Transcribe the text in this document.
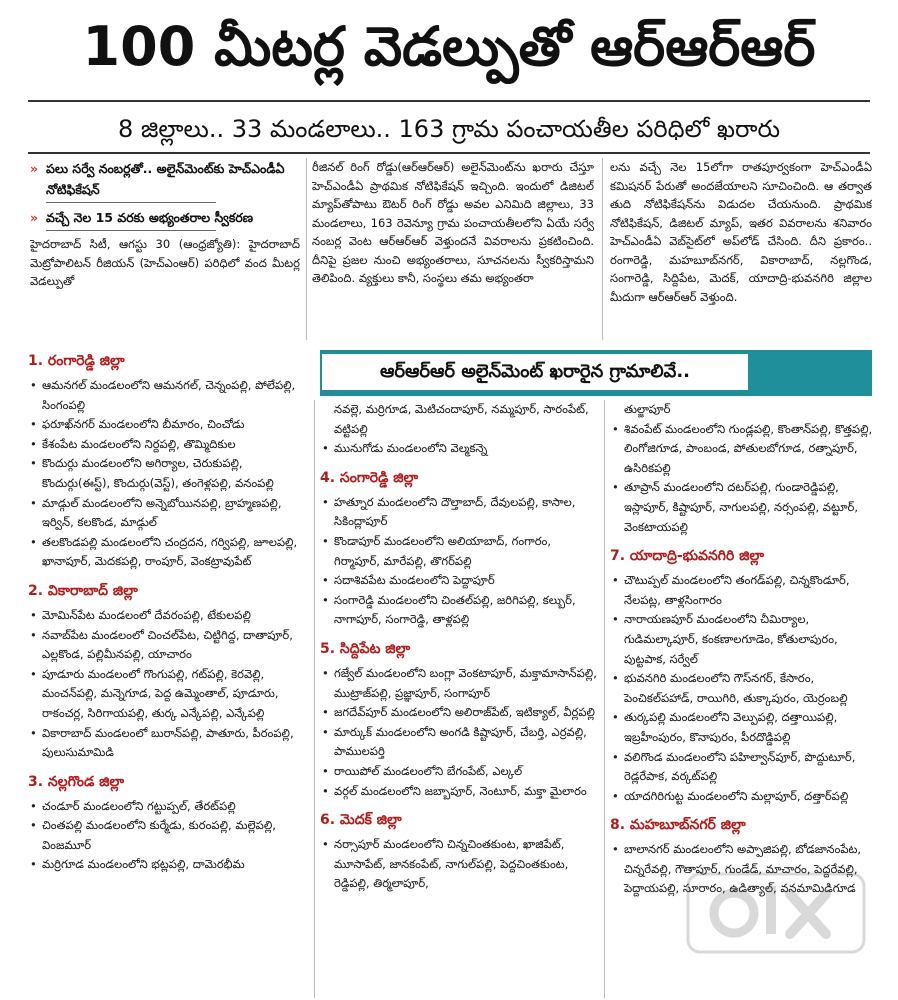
100 మీటర్ల వెడల్పుతో ఆర్‌ఆర్‌ఆర్
8 జిల్లాలు.. 33 మండలాలు.. 163 గ్రామ పంచాయతీల పరిధిలో ఖరారు
» పలు సర్వే నంబర్లతో.. అలైన్‌మెంట్‌కు హెచ్‌ఎండీఏ నోటిఫికేషన్
» వచ్చే నెల 15 వరకు అభ్యంతరాల స్వీకరణ

హైదరాబాద్ సిటీ, ఆగస్టు 30 (ఆంధ్రజ్యోతి): హైదరాబాద్ మెట్రోపాలిటన్ రీజియన్ (హెచ్‌ఎంఆర్) పరిధిలో వంద మీటర్ల వెడల్పుతో

రీజినల్ రింగ్ రోడ్డు(ఆర్‌ఆర్‌ఆర్) అలైన్‌మెంట్‌ను ఖరారు చేస్తూ హెచ్‌ఎండీఏ ప్రాథమిక నోటిఫికేషన్ ఇచ్చింది. ఇందులో డిజిటల్ మ్యాప్‌తోపాటు ఔటర్ రింగ్ రోడ్డు అవల ఎనిమిది జిల్లాలు, 33 మండలాలు, 163 రెవెన్యూ గ్రామ పంచాయతీలలోని ఏయే సర్వే నంబర్ల వెంట ఆర్‌ఆర్‌ఆర్ వెళ్తుందనే వివరాలను ప్రకటించింది. దీనిపై ప్రజల నుంచి అభ్యంతరాలు, సూచనలను స్వీకరిస్తామని తెలిపింది. వ్యక్తులు కానీ, సంస్థలు తమ అభ్యంతరా

లను వచ్చే నెల 15లోగా రాతపూర్వకంగా హెచ్‌ఎండీఏ కమిషనర్ పేరుతో అందజేయాలని సూచించింది. ఆ తర్వాత తుది నోటిఫికేషన్‌ను విడుదల చేయనుంది. ప్రాథమిక నోటిఫికేషన్, డిజిటల్ మ్యాప్, ఇతర వివరాలను శనివారం హెచ్‌ఎండీఏ వెబ్‌సైట్‌లో అప్‌లోడ్ చేసింది. దీని ప్రకారం.. రంగారెడ్డి, మహబూబ్‌నగర్, వికారాబాద్, నల్లగొండ, సంగారెడ్డి, సిద్దిపేట, మెదక్, యాదాద్రి-భువనగిరి జిల్లాల మీదుగా ఆర్‌ఆర్‌ఆర్ వెళ్తుంది.

ఆర్‌ఆర్‌ఆర్ అలైన్‌మెంట్ ఖరారైన గ్రామాలివే..
1. రంగారెడ్డి జిల్లా
• ఆమనగల్ మండలంలోని ఆమనగల్, చెన్నంపల్లి, పోలేపల్లి, సింగంపల్లి
• ఫరూఖ్‌నగర్ మండలంలోని బీమారం, చించోడు
• కేశంపేట మండలంలోని నిర్దపల్లి, తొమ్మిదికుల
• కొందుర్గు మండలంలోని అగిర్యాల, చెరుకుపల్లి, కొందుర్గు(ఈస్ట్), కొందుర్గు(వెస్ట్), తంగెళ్లపల్లి, వనంపల్లి
• మాడ్గుల్ మండలంలోని అన్నెబోయినపల్లి, బ్రాహ్మణపల్లి, ఇర్విన్, కలకొండ, మాడ్గుల్
• తలకొండపల్లి మండలంలోని చంద్రదన, గర్విపల్లి, జూలపల్లి, ఖానాపూర్, మెదకపల్లి, రాంపూర్, వెంకట్రావుపేట్
2. వికారాబాద్ జిల్లా
• మోమిన్‌పేట మండలంలో దేవరంపల్లి, టేకులపల్లి
• నవాబ్‌పేట మండలంలో చించల్‌పేట, చిట్టిగిద్ద, దాతాపూర్, ఎల్లకొండ, పల్లిమీనపల్లి, యాచారం
• పూడూరు మండలంలో గొంగుపల్లి, గట్‌పల్లి, కెరవెల్లి, మంచన్‌పల్లి, మన్నెగూడ, పెద్ద ఉమ్మెంతాల్, పూడూరు, రాకంచర్ల, సిరిగాయపల్లి, తుర్క ఎన్కేపల్లి, ఎన్కేపల్లి
• వికారాబాద్ మండలంలో బురాన్‌పల్లి, పాతూరు, పీరంపల్లి, పులుసుమామిడి
3. నల్లగొండ జిల్లా
• చండూర్ మండలంలోని గట్టుప్పల్, తేరట్‌పల్లి
• చింతపల్లి మండలంలోని కుర్మేడు, కురంపల్లి, మల్లెపల్లి, వింజమూర్
• మర్రిగూడ మండలంలోని భట్లపల్లి, దామెరభీమ
నవల్లె, మర్రిగూడ, మెటిచందాపూర్, నమ్మపూర్, సారంపేట్, వట్టిపల్లి
• మునుగోడు మండలంలోని వెల్మకన్నె
4. సంగారెడ్డి జిల్లా
• హత్నూర మండలంలోని దౌల్తాబాద్, దేవులపల్లి, కాసాల, సికింద్లాపూర్
• కొండాపూర్ మండలంలోని అలియాబాద్, గంగారం, గిర్మాపూర్, మారేపల్లి, తొగర్‌పల్లి
• సదాశివపేట మండలంలోని పెద్దాపూర్
• సంగారెడ్డి మండలంలోని చింతల్‌పల్లి, జరిగిపల్లి, కల్బుర్, నాగాపూర్, సంగారెడ్డి, తాళ్లపల్లి
5. సిద్దిపేట జిల్లా
• గజ్వేల్ మండలంలోని బంగ్లా వెంకటాపూర్, మక్తామాసాన్‌పల్లి, ముట్రాజ్‌పల్లి, ప్రజ్ఞాపూర్, సంగాపూర్
• జగదేవ్‌పూర్ మండలంలోని అలిరాజ్‌పేట్, ఇటిక్యాల్, వీర్లపల్లి
• మార్కుక్ మండలంలోని అంగడి కిష్టాపూర్, చేబర్తి, ఎర్రవల్లి, పాములపర్తి
• రాయిపోల్ మండలంలోని బేగంపేట్, ఎల్కల్
• వర్గల్ మండలంలోని జబ్బాపూర్, నెంటూర్, మక్తా మైలారం
6. మెదక్ జిల్లా
• నర్సాపూర్ మండలంలోని చిన్నచింతకుంట, ఖాజిపేట్, మూసాపేట్, జానకంపేట్, నాగుల్‌పల్లి, పెద్దచింతకుంట, రెడ్డిపల్లి, తిర్మలాపూర్,
తుల్జాపూర్
• శివంపేట్ మండలంలోని గుండ్లపల్లి, కొంతాన్‌పల్లి, కొత్తపల్లి, లింగోజిగూడ, పాంబండ, పోతులబోగూడ, రత్నాపూర్, ఉసిరికపల్లి
• తూప్రాన్ మండలంలోని దటర్‌పల్లి, గుండారెడ్డిపల్లి, ఇస్లాపూర్, కిష్టాపూర్, నాగులపల్లి, నర్సంపల్లి, వట్టూర్, వెంకటాయపల్లి
7. యాదాద్రి-భువనగిరి జిల్లా
• చౌటుప్పల్ మండలంలోని తంగడ్‌పల్లి, చిన్నకొండూర్, నేలపట్ల, తాళ్లసింగారం
• నారాయణపూర్ మండలంలోని చీమిర్యాల, గుడిమల్కాపూర్, కంకణాలగూడెం, కోతులాపురం, పుట్టపాక, సర్వేల్
• భువనగిరి మండలంలోని గౌస్‌నగర్, కేసారం, పెంచికల్‌పహాడ్, రాయిగిరి, తుక్కాపురం, యెర్రంబల్లి
• తుర్కపల్లి మండలంలోని వెల్పుపల్లి, దత్తాయిపల్లి, ఇబ్రహీంపురం, కొనాపురం, పీరదొడ్డిపల్లి
• వలిగొండ మండలంలోని పహిల్వాన్‌పూర్, పొద్దుటూర్, రెడ్లరేపాక, వర్కట్‌పల్లి
• యాదగిరిగుట్ట మండలంలోని మల్లాపూర్, దత్తార్‌పల్లి
8. మహబూబ్‌నగర్ జిల్లా
• బాలానగర్ మండలంలోని అప్పాజిపల్లి, బోడజానంపేట, చిన్నరేవల్లి, గౌతాపూర్, గుండేడ్, మాచారం, పెద్దరేవల్లి, పెద్దాయపల్లి, సూరారం, ఉడిత్యాల్, వనమామిడిగూడ
